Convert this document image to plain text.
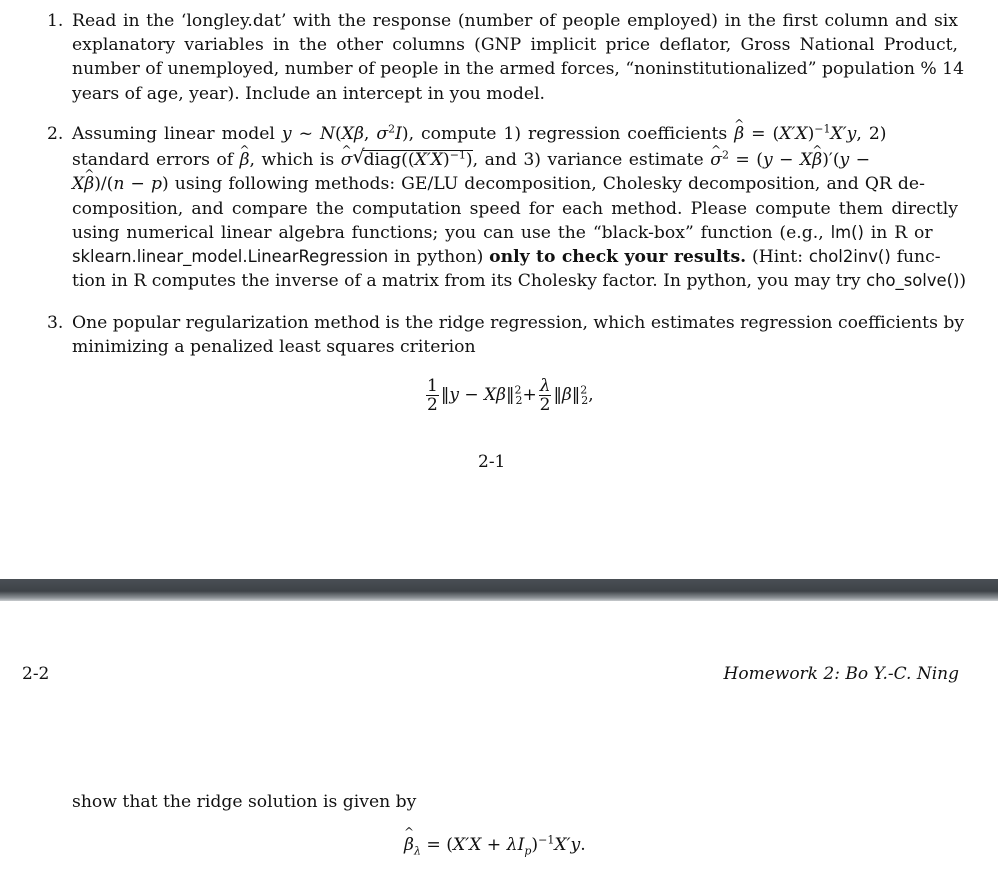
1. Read in the ‘longley.dat’ with the response (number of people employed) in the first column and six
explanatory variables in the other columns (GNP implicit price deflator, Gross National Product,
number of unemployed, number of people in the armed forces, “noninstitutionalized” population % 14
years of age, year). Include an intercept in you model.
2. Assuming linear model y ~ N(Xβ, $\sigma^2I$), compute 1) regression coefficients ^ $\beta = (X'X)^{-1}X'y$, 2)
standard errors of ^ β, which is ^ σ √
$diag((X'X)^{-1})$, and 3) variance estimate ^ $\sigma^2 = (y$ − X^ β)′(y −
X^ β)/(n − p) using following methods: GE/LU decomposition, Cholesky decomposition, and QR de-
composition, and compare the computation speed for each method. Please compute them directly
using numerical linear algebra functions; you can use the “black-box” function (e.g., lm() in R or
sklearn.linear_model.LinearRegression in python) only to check your results. (Hint: chol2inv() func-
tion in R computes the inverse of a matrix from its Cholesky factor. In python, you may try cho_solve())
3. One popular regularization method is the ridge regression, which estimates regression coefficients by
minimizing a penalized least squares criterion
$\frac{1}{2}$ ‖y − Xβ‖$^2_2$+ $\frac{\lambda}{2}$ ‖β‖$^2_2$,
2-1
2-2	Homework 2: Bo Y.-C. Ning
show that the ridge solution is given by
^ $\beta_\lambda = (X'X + \lambda I_p)^{-1}X'y$.
